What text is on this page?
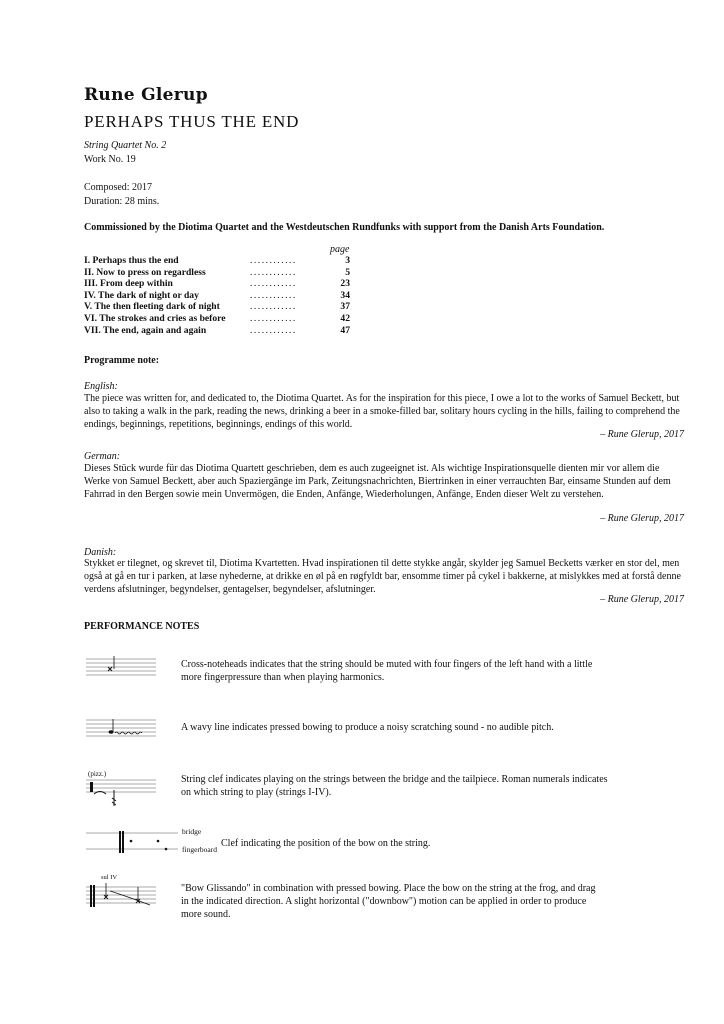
Rune Glerup
PERHAPS THUS THE END
String Quartet No. 2
Work No. 19
Composed: 2017
Duration: 28 mins.
Commissioned by the Diotima Quartet and the Westdeutschen Rundfunks with support from the Danish Arts Foundation.
page
I. Perhaps thus the end	............	3
II. Now to press on regardless	............	5
III. From deep within	............	23
IV. The dark of night or day	............	34
V. The then fleeting dark of night	............	37
VI. The strokes and cries as before	............	42
VII. The end, again and again	............	47
Programme note:
English:
The piece was written for, and dedicated to, the Diotima Quartet. As for the inspiration for this piece, I owe a lot to the works of Samuel Beckett, but also to taking a walk in the park, reading the news, drinking a beer in a smoke-filled bar, solitary hours cycling in the hills, failing to comprehend the endings, beginnings, repetitions, beginnings, endings of this world.
– Rune Glerup, 2017
German:
Dieses Stück wurde für das Diotima Quartett geschrieben, dem es auch zugeeignet ist. Als wichtige Inspirationsquelle dienten mir vor allem die Werke von Samuel Beckett, aber auch Spaziergänge im Park, Zeitungsnachrichten, Biertrinken in einer verrauchten Bar, einsame Stunden auf dem Fahrrad in den Bergen sowie mein Unvermögen, die Enden, Anfänge, Wiederholungen, Anfänge, Enden dieser Welt zu verstehen.
– Rune Glerup, 2017
Danish:
Stykket er tilegnet, og skrevet til, Diotima Kvartetten. Hvad inspirationen til dette stykke angår, skylder jeg Samuel Becketts værker en stor del, men også at gå en tur i parken, at læse nyhederne, at drikke en øl på en røgfyldt bar, ensomme timer på cykel i bakkerne, at mislykkes med at forstå denne verdens afslutninger, begyndelser, gentagelser, begyndelser, afslutninger.
– Rune Glerup, 2017
PERFORMANCE NOTES
Cross-noteheads indicates that the string should be muted with four fingers of the left hand with a little more fingerpressure than when playing harmonics.
A wavy line indicates pressed bowing to produce a noisy scratching sound - no audible pitch.
(pizz.)	String clef indicates playing on the strings between the bridge and the tailpiece. Roman numerals indicates on which string to play (strings I-IV).
bridge
fingerboard
Clef indicating the position of the bow on the string.
sul IV
"Bow Glissando" in combination with pressed bowing. Place the bow on the string at the frog, and drag in the indicated direction. A slight horizontal ("downbow") motion can be applied in order to produce more sound.
